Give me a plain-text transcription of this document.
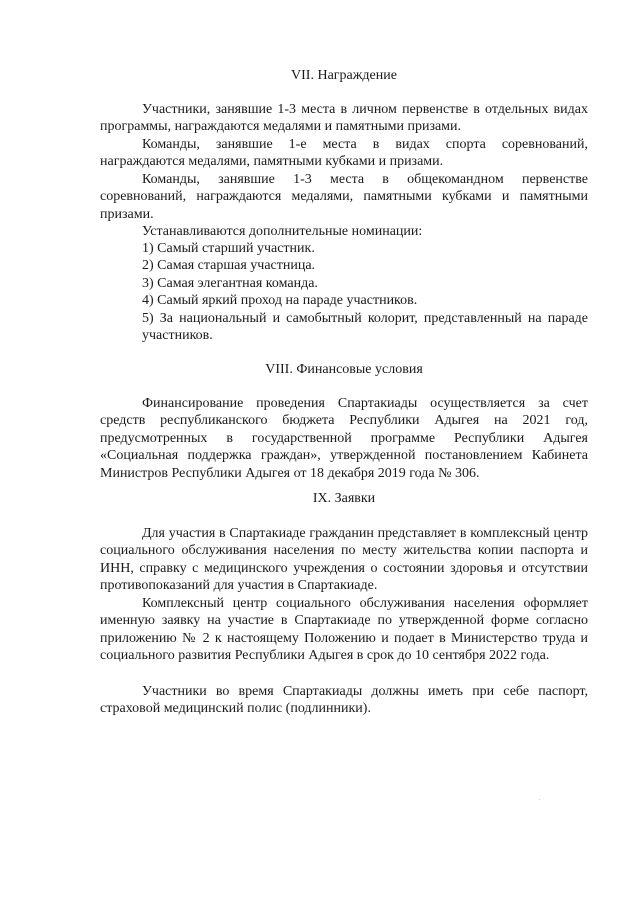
VII. Награждение

Участники, занявшие 1-3 места в личном первенстве в отдельных видах программы, награждаются медалями и памятными призами.

Команды, занявшие 1-е места в видах спорта соревнований, награждаются медалями, памятными кубками и призами.

Команды, занявшие 1-3 места в общекомандном первенстве соревнований, награждаются медалями, памятными кубками и памятными призами.

Устанавливаются дополнительные номинации:

1) Самый старший участник.

2) Самая старшая участница.

3) Самая элегантная команда.

4) Самый яркий проход на параде участников.

5) За национальный и самобытный колорит, представленный на параде участников.

VIII. Финансовые условия

Финансирование проведения Спартакиады осуществляется за счет средств республиканского бюджета Республики Адыгея на 2021 год, предусмотренных в государственной программе Республики Адыгея «Социальная поддержка граждан», утвержденной постановлением Кабинета Министров Республики Адыгея от 18 декабря 2019 года № 306.

IX. Заявки

Для участия в Спартакиаде гражданин представляет в комплексный центр социального обслуживания населения по месту жительства копии паспорта и ИНН, справку с медицинского учреждения о состоянии здоровья и отсутствии противопоказаний для участия в Спартакиаде.

Комплексный центр социального обслуживания населения оформляет именную заявку на участие в Спартакиаде по утвержденной форме согласно приложению № 2 к настоящему Положению и подает в Министерство труда и социального развития Республики Адыгея в срок до 10 сентября 2022 года.

Участники во время Спартакиады должны иметь при себе паспорт, страховой медицинский полис (подлинники).
